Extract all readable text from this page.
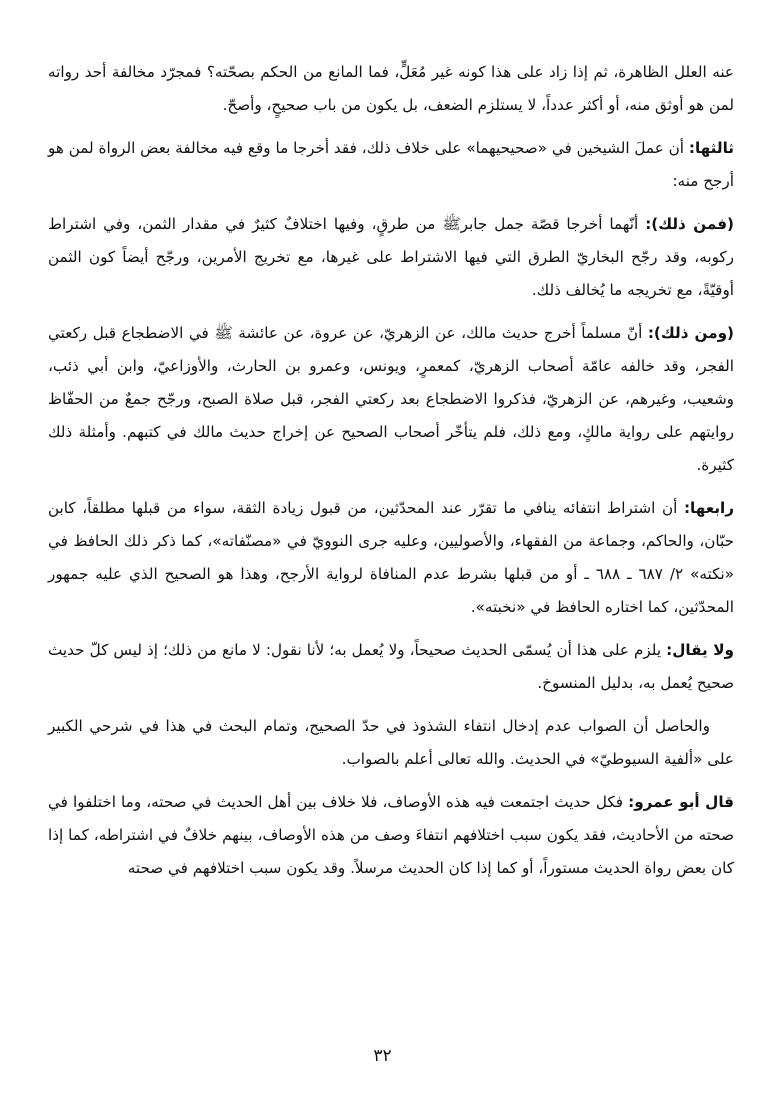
عنه العلل الظاهرة، ثم إذا زاد على هذا كونه غير مُعَلٍّ، فما المانع من الحكم بصحّته؟ فمجرّد مخالفة أحد رواته لمن هو أوثق منه، أو أكثر عدداً، لا يستلزم الضعف، بل يكون من باب صحيحٍ، وأصحّ.

ثالثها: أن عملَ الشيخين في «صحيحيهما» على خلاف ذلك، فقد أخرجا ما وقع فيه مخالفة بعض الرواة لمن هو أرجح منه:

(فمن ذلك): أنّهما أخرجا قصّة جمل جابرﷺ من طرقٍ، وفيها اختلافٌ كثيرٌ في مقدار الثمن، وفي اشتراط ركوبه، وقد رجّح البخاريّ الطرق التي فيها الاشتراط على غيرها، مع تخريج الأمرين، ورجّح أيضاً كون الثمن أوقيّةً، مع تخريجه ما يُخالف ذلك.

(ومن ذلك): أنّ مسلماً أخرج حديث مالك، عن الزهريّ، عن عروة، عن عائشة ﷺ في الاضطجاع قبل ركعتي الفجر، وقد خالفه عامّة أصحاب الزهريّ، كمعمرٍ، ويونس، وعمرو بن الحارث، والأوزاعيّ، وابن أبي ذئب، وشعيب، وغيرهم، عن الزهريّ، فذكروا الاضطجاع بعد ركعتي الفجر، قبل صلاة الصبح، ورجّح جمعٌ من الحفّاظ روايتهم على رواية مالكٍ، ومع ذلك، فلم يتأخّر أصحاب الصحيح عن إخراج حديث مالك في كتبهم. وأمثلة ذلك كثيرة.

رابعها: أن اشتراط انتفائه ينافي ما تقرّر عند المحدّثين، من قبول زيادة الثقة، سواء من قبلها مطلقاً، كابن حبّان، والحاكم، وجماعة من الفقهاء، والأصوليين، وعليه جرى النوويّ في «مصنّفاته»، كما ذكر ذلك الحافظ في «نكته» ٢/ ٦٨٧ ـ ٦٨٨ ـ أو من قبلها بشرط عدم المنافاة لرواية الأرجح، وهذا هو الصحيح الذي عليه جمهور المحدّثين، كما اختاره الحافظ في «نخبته».

ولا يقال: يلزم على هذا أن يُسمّى الحديث صحيحاً، ولا يُعمل به؛ لأنا نقول: لا مانع من ذلك؛ إذ ليس كلّ حديث صحيح يُعمل به، بدليل المنسوخ.

والحاصل أن الصواب عدم إدخال انتفاء الشذوذ في حدّ الصحيح، وتمام البحث في هذا في شرحي الكبير على «ألفية السيوطيّ» في الحديث. والله تعالى أعلم بالصواب.

قال أبو عمرو: فكل حديث اجتمعت فيه هذه الأوصاف، فلا خلاف بين أهل الحديث في صحته، وما اختلفوا في صحته من الأحاديث، فقد يكون سبب اختلافهم انتفاءَ وصف من هذه الأوصاف، بينهم خلافٌ في اشتراطه، كما إذا كان بعض رواة الحديث مستوراً، أو كما إذا كان الحديث مرسلاً. وقد يكون سبب اختلافهم في صحته

٣٢
